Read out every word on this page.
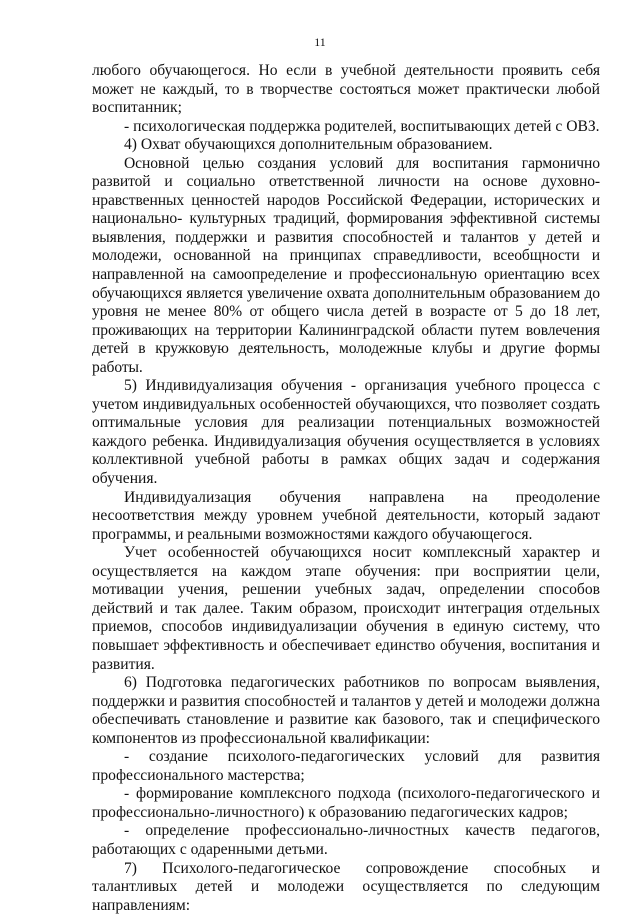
11

любого обучающегося. Но если в учебной деятельности проявить себя может не каждый, то в творчестве состояться может практически любой воспитанник;

- психологическая поддержка родителей, воспитывающих детей с ОВЗ.

4) Охват обучающихся дополнительным образованием.

Основной целью создания условий для воспитания гармонично развитой и социально ответственной личности на основе духовно-нравственных ценностей народов Российской Федерации, исторических и национально- культурных традиций, формирования эффективной системы выявления, поддержки и развития способностей и талантов у детей и молодежи, основанной на принципах справедливости, всеобщности и направленной на самоопределение и профессиональную ориентацию всех обучающихся является увеличение охвата дополнительным образованием до уровня не менее 80% от общего числа детей в возрасте от 5 до 18 лет, проживающих на территории Калининградской области путем вовлечения детей в кружковую деятельность, молодежные клубы и другие формы работы.

5) Индивидуализация обучения - организация учебного процесса с учетом индивидуальных особенностей обучающихся, что позволяет создать оптимальные условия для реализации потенциальных возможностей каждого ребенка. Индивидуализация обучения осуществляется в условиях коллективной учебной работы в рамках общих задач и содержания обучения.

Индивидуализация обучения направлена на преодоление несоответствия между уровнем учебной деятельности, который задают программы, и реальными возможностями каждого обучающегося.

Учет особенностей обучающихся носит комплексный характер и осуществляется на каждом этапе обучения: при восприятии цели, мотивации учения, решении учебных задач, определении способов действий и так далее. Таким образом, происходит интеграция отдельных приемов, способов индивидуализации обучения в единую систему, что повышает эффективность и обеспечивает единство обучения, воспитания и развития.

6) Подготовка педагогических работников по вопросам выявления, поддержки и развития способностей и талантов у детей и молодежи должна обеспечивать становление и развитие как базового, так и специфического компонентов из профессиональной квалификации:

- создание психолого-педагогических условий для развития профессионального мастерства;

- формирование комплексного подхода (психолого-педагогического и профессионально-личностного) к образованию педагогических кадров;

- определение профессионально-личностных качеств педагогов, работающих с одаренными детьми.

7) Психолого-педагогическое сопровождение способных и талантливых детей и молодежи осуществляется по следующим направлениям:
